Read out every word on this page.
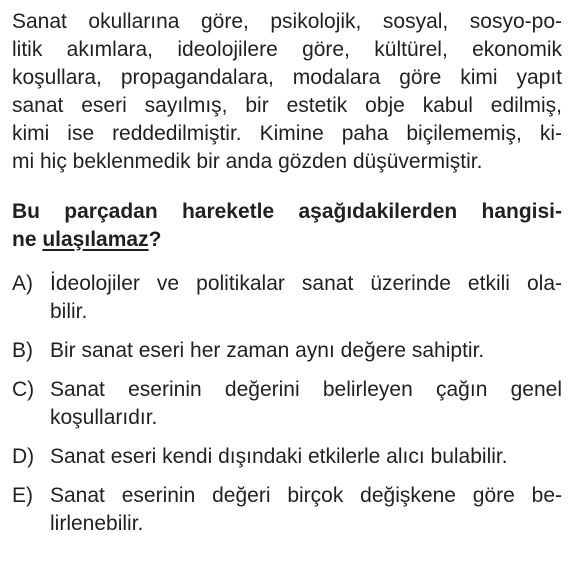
Sanat okullarına göre, psikolojik, sosyal, sosyo-po-
litik akımlara, ideolojilere göre, kültürel, ekonomik
koşullara, propagandalara, modalara göre kimi yapıt
sanat eseri sayılmış, bir estetik obje kabul edilmiş,
kimi ise reddedilmiştir. Kimine paha biçilememiş, ki-
mi hiç beklenmedik bir anda gözden düşüvermiştir.
Bu parçadan hareketle aşağıdakilerden hangisi-
ne ulaşılamaz?
A) İdeolojiler ve politikalar sanat üzerinde etkili ola-
bilir.
B) Bir sanat eseri her zaman aynı değere sahiptir.
C) Sanat eserinin değerini belirleyen çağın genel
koşullarıdır.
D) Sanat eseri kendi dışındaki etkilerle alıcı bulabilir.
E) Sanat eserinin değeri birçok değişkene göre be-
lirlenebilir.
